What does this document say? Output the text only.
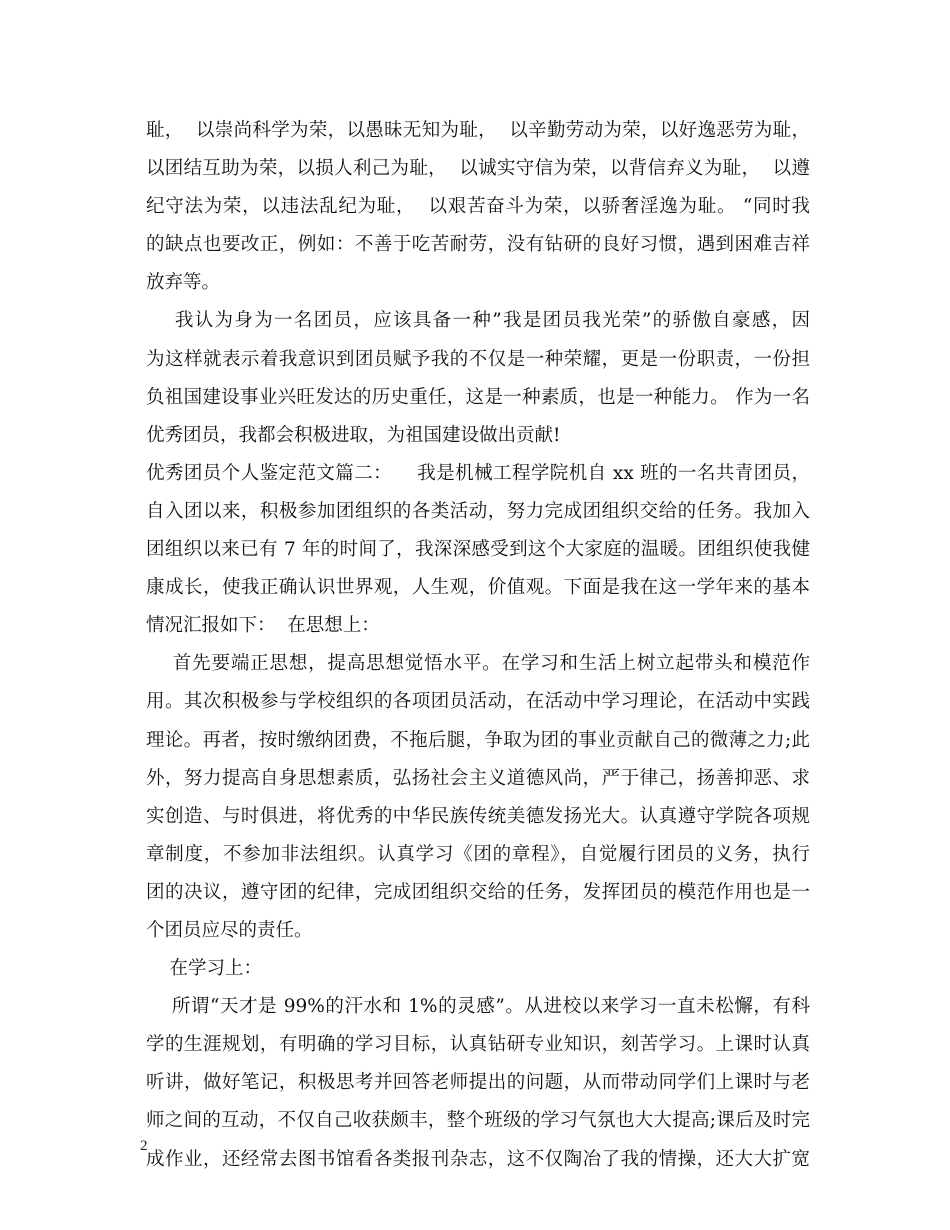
耻，  以崇尚科学为荣，以愚昧无知为耻，  以辛勤劳动为荣，以好逸恶劳为耻，
以团结互助为荣，以损人利己为耻，  以诚实守信为荣，以背信弃义为耻，  以遵
纪守法为荣，以违法乱纪为耻，  以艰苦奋斗为荣，以骄奢淫逸为耻。 “同时我
的缺点也要改正，例如：不善于吃苦耐劳，没有钻研的良好习惯，遇到困难吉祥
放弃等。
我认为身为一名团员，应该具备一种”我是团员我光荣”的骄傲自豪感，因
为这样就表示着我意识到团员赋予我的不仅是一种荣耀，更是一份职责，一份担
负祖国建设事业兴旺发达的历史重任，这是一种素质，也是一种能力。 作为一名
优秀团员，我都会积极进取，为祖国建设做出贡献!
优秀团员个人鉴定范文篇二：    我是机械工程学院机自 xx 班的一名共青团员，
自入团以来，积极参加团组织的各类活动，努力完成团组织交给的任务。我加入
团组织以来已有 7 年的时间了，我深深感受到这个大家庭的温暖。团组织使我健
康成长，使我正确认识世界观，人生观，价值观。下面是我在这一学年来的基本
情况汇报如下：  在思想上：
首先要端正思想，提高思想觉悟水平。在学习和生活上树立起带头和模范作
用。其次积极参与学校组织的各项团员活动，在活动中学习理论，在活动中实践
理论。再者，按时缴纳团费，不拖后腿，争取为团的事业贡献自己的微薄之力;此
外，努力提高自身思想素质，弘扬社会主义道德风尚，严于律己，扬善抑恶、求
实创造、与时俱进，将优秀的中华民族传统美德发扬光大。认真遵守学院各项规
章制度，不参加非法组织。认真学习《团的章程》，自觉履行团员的义务，执行
团的决议，遵守团的纪律，完成团组织交给的任务，发挥团员的模范作用也是一
个团员应尽的责任。
在学习上：
所谓“天才是 99%的汗水和 1%的灵感”。从进校以来学习一直未松懈，有科
学的生涯规划，有明确的学习目标，认真钻研专业知识，刻苦学习。上课时认真
听讲，做好笔记，积极思考并回答老师提出的问题，从而带动同学们上课时与老
师之间的互动，不仅自己收获颇丰，整个班级的学习气氛也大大提高;课后及时完
成作业，还经常去图书馆看各类报刊杂志，这不仅陶冶了我的情操，还大大扩宽
2
